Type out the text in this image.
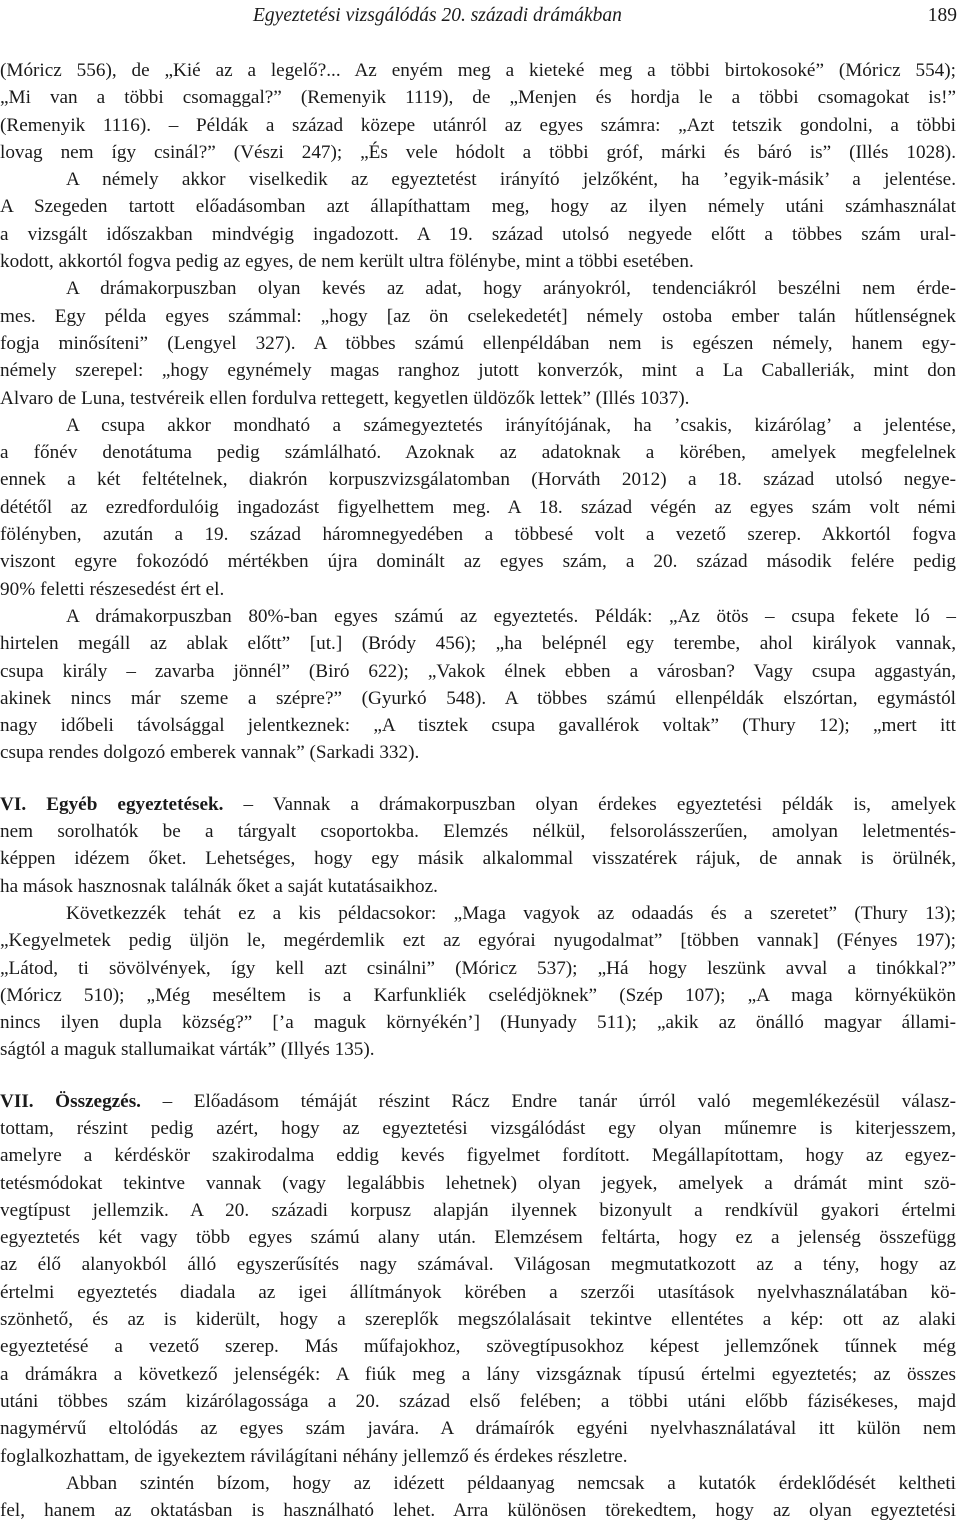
Egyeztetési vizsgálódás 20. századi drámákban	189
(Móricz 556), de „Kié az a legelő?... Az enyém meg a kieteké meg a többi birtokosoké” (Móricz 554);
„Mi van a többi csomaggal?” (Remenyik 1119), de „Menjen és hordja le a többi csomagokat is!”
(Remenyik 1116). – Példák a század közepe utánról az egyes számra: „Azt tetszik gondolni, a többi
lovag nem így csinál?” (Vészi 247); „És vele hódolt a többi gróf, márki és báró is” (Illés 1028).
A némely akkor viselkedik az egyeztetést irányító jelzőként, ha ’egyik-másik’ a jelentése.
A Szegeden tartott előadásomban azt állapíthattam meg, hogy az ilyen némely utáni számhasználat
a vizsgált időszakban mindvégig ingadozott. A 19. század utolsó negyede előtt a többes szám ural-
kodott, akkortól fogva pedig az egyes, de nem került ultra fölénybe, mint a többi esetében.
A drámakorpuszban olyan kevés az adat, hogy arányokról, tendenciákról beszélni nem érde-
mes. Egy példa egyes számmal: „hogy [az ön cselekedetét] némely ostoba ember talán hűtlenségnek
fogja minősíteni” (Lengyel 327). A többes számú ellenpéldában nem is egészen némely, hanem egy-
némely szerepel: „hogy egynémely magas ranghoz jutott konverzók, mint a La Caballeriák, mint don
Alvaro de Luna, testvéreik ellen fordulva rettegett, kegyetlen üldözők lettek” (Illés 1037).
A csupa akkor mondható a számegyeztetés irányítójának, ha ’csakis, kizárólag’ a jelentése,
a főnév denotátuma pedig számlálható. Azoknak az adatoknak a körében, amelyek megfelelnek
ennek a két feltételnek, diakrón korpuszvizsgálatomban (Horváth 2012) a 18. század utolsó negye-
dététől az ezredfordulóig ingadozást figyelhettem meg. A 18. század végén az egyes szám volt némi
fölényben, azután a 19. század háromnegyedében a többesé volt a vezető szerep. Akkortól fogva
viszont egyre fokozódó mértékben újra dominált az egyes szám, a 20. század második felére pedig
90% feletti részesedést ért el.
A drámakorpuszban 80%-ban egyes számú az egyeztetés. Példák: „Az ötös – csupa fekete ló –
hirtelen megáll az ablak előtt” [ut.] (Bródy 456); „ha belépnél egy terembe, ahol királyok vannak,
csupa király – zavarba jönnél” (Biró 622); „Vakok élnek ebben a városban? Vagy csupa aggastyán,
akinek nincs már szeme a szépre?” (Gyurkó 548). A többes számú ellenpéldák elszórtan, egymástól
nagy időbeli távolsággal jelentkeznek: „A tisztek csupa gavallérok voltak” (Thury 12); „mert itt
csupa rendes dolgozó emberek vannak” (Sarkadi 332).
VI. Egyéb egyeztetések. – Vannak a drámakorpuszban olyan érdekes egyeztetési példák is, amelyek
nem sorolhatók be a tárgyalt csoportokba. Elemzés nélkül, felsorolásszerűen, amolyan leletmentés-
képpen idézem őket. Lehetséges, hogy egy másik alkalommal visszatérek rájuk, de annak is örülnék,
ha mások hasznosnak találnák őket a saját kutatásaikhoz.
Következzék tehát ez a kis példacsokor: „Maga vagyok az odaadás és a szeretet” (Thury 13);
„Kegyelmetek pedig üljön le, megérdemlik ezt az egyórai nyugodalmat” [többen vannak] (Fényes 197);
„Látod, ti sövölvények, így kell azt csinálni” (Móricz 537); „Há hogy leszünk avval a tinókkal?”
(Móricz 510); „Még meséltem is a Karfunkliék cselédjöknek” (Szép 107); „A maga környékükön
nincs ilyen dupla község?” [’a maguk környékén’] (Hunyady 511); „akik az önálló magyar állami-
ságtól a maguk stallumaikat várták” (Illyés 135).
VII. Összegzés. – Előadásom témáját részint Rácz Endre tanár úrról való megemlékezésül válasz-
tottam, részint pedig azért, hogy az egyeztetési vizsgálódást egy olyan műnemre is kiterjesszem,
amelyre a kérdéskör szakirodalma eddig kevés figyelmet fordított. Megállapítottam, hogy az egyez-
tetésmódokat tekintve vannak (vagy legalábbis lehetnek) olyan jegyek, amelyek a drámát mint szö-
vegtípust jellemzik. A 20. századi korpusz alapján ilyennek bizonyult a rendkívül gyakori értelmi
egyeztetés két vagy több egyes számú alany után. Elemzésem feltárta, hogy ez a jelenség összefügg
az élő alanyokból álló egyszerűsítés nagy számával. Világosan megmutatkozott az a tény, hogy az
értelmi egyeztetés diadala az igei állítmányok körében a szerzői utasítások nyelvhasználatában kö-
szönhető, és az is kiderült, hogy a szereplők megszólalásait tekintve ellentétes a kép: ott az alaki
egyeztetésé a vezető szerep. Más műfajokhoz, szövegtípusokhoz képest jellemzőnek tűnnek még
a drámákra a következő jelenségék: A fiúk meg a lány vizsgáznak típusú értelmi egyeztetés; az összes
utáni többes szám kizárólagossága a 20. század első felében; a többi utáni előbb fázisékeses, majd
nagymérvű eltolódás az egyes szám javára. A drámaírók egyéni nyelvhasználatával itt külön nem
foglalkozhattam, de igyekeztem rávilágítani néhány jellemző és érdekes részletre.
Abban szintén bízom, hogy az idézett példaanyag nemcsak a kutatók érdeklődését keltheti
fel, hanem az oktatásban is használható lehet. Arra különösen törekedtem, hogy az olyan egyeztetési
